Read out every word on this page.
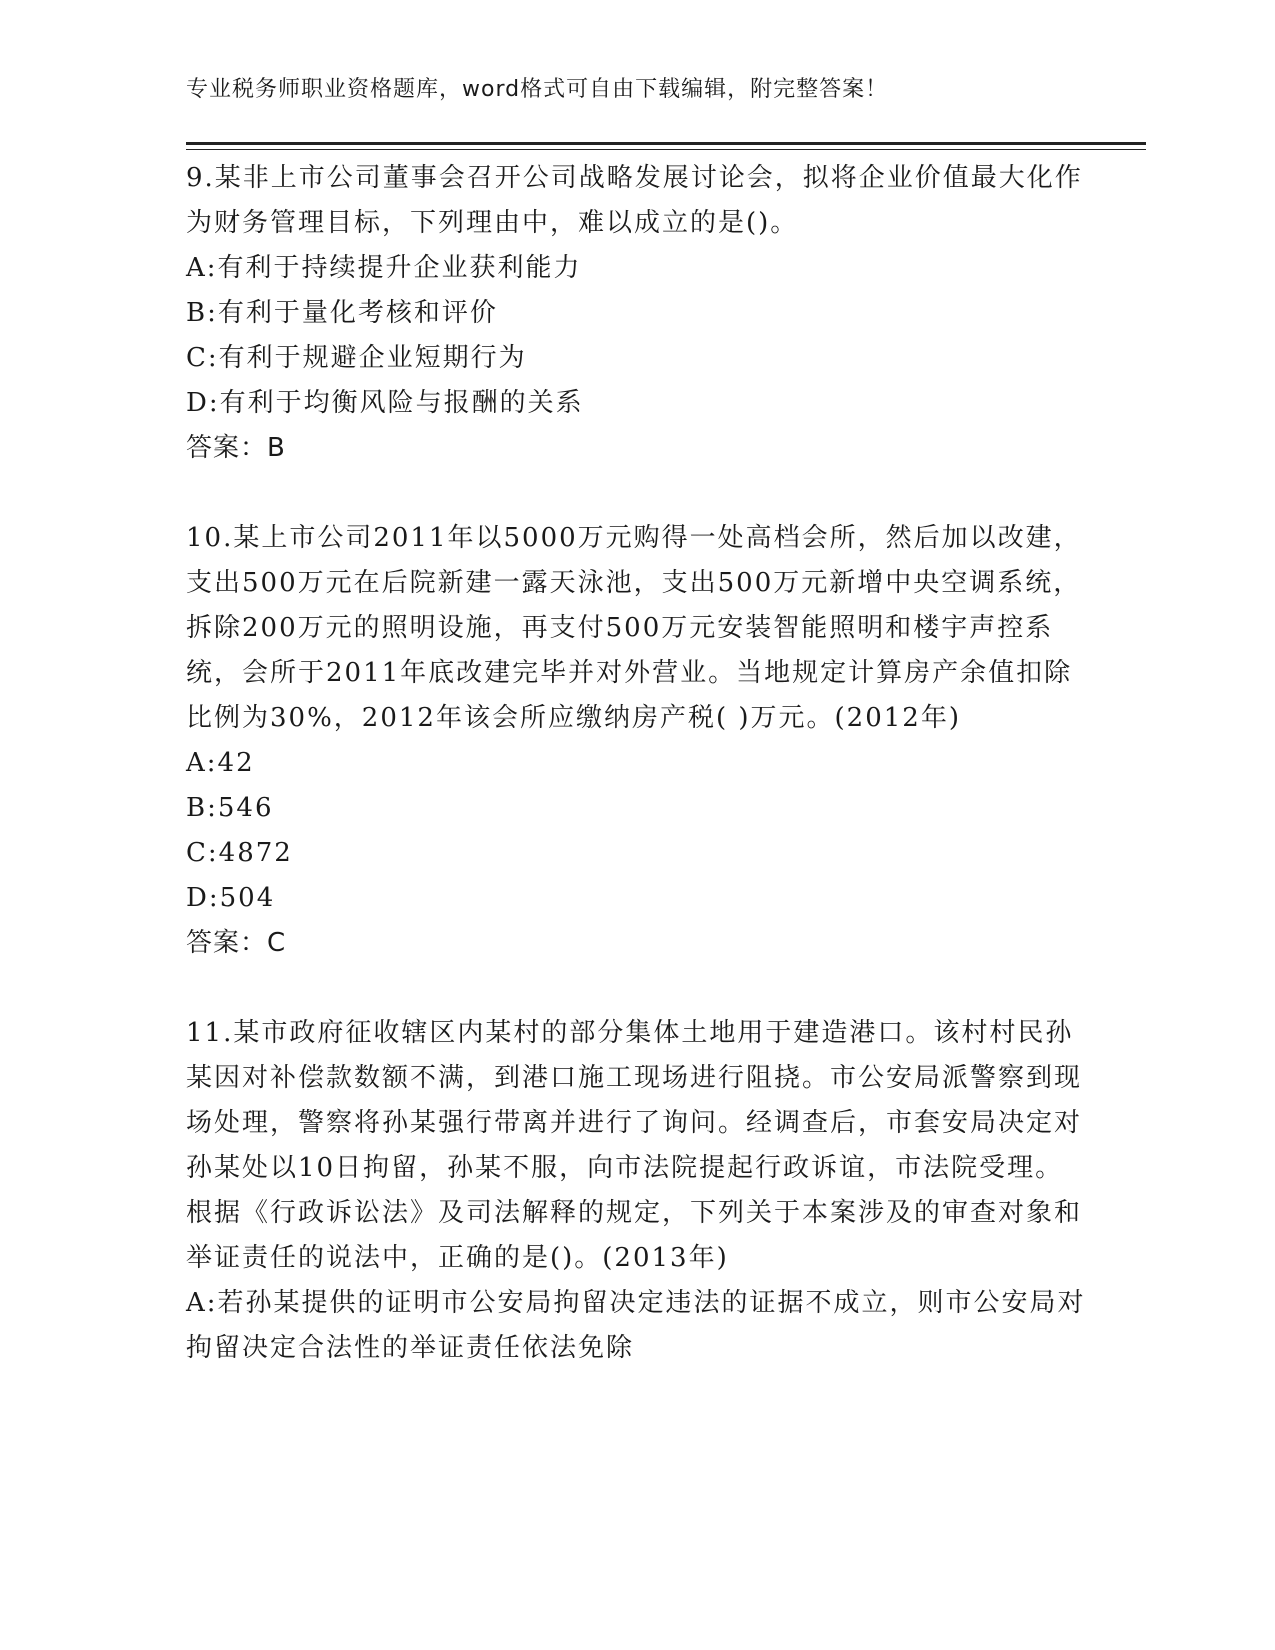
专业税务师职业资格题库，word格式可自由下载编辑，附完整答案！

9.某非上市公司董事会召开公司战略发展讨论会，拟将企业价值最大化作为财务管理目标，下列理由中，难以成立的是()。

A:有利于持续提升企业获利能力

B:有利于量化考核和评价

C:有利于规避企业短期行为

D:有利于均衡风险与报酬的关系

答案：B

10.某上市公司2011年以5000万元购得一处高档会所，然后加以改建，支出500万元在后院新建一露天泳池，支出500万元新增中央空调系统，拆除200万元的照明设施，再支付500万元安装智能照明和楼宇声控系统，会所于2011年底改建完毕并对外营业。当地规定计算房产余值扣除比例为30%，2012年该会所应缴纳房产税( )万元。(2012年)

A:42

B:546

C:4872

D:504

答案：C

11.某市政府征收辖区内某村的部分集体土地用于建造港口。该村村民孙某因对补偿款数额不满，到港口施工现场进行阻挠。市公安局派警察到现场处理，警察将孙某强行带离并进行了询问。经调查后，市套安局决定对孙某处以10日拘留，孙某不服，向市法院提起行政诉谊，市法院受理。根据《行政诉讼法》及司法解释的规定，下列关于本案涉及的审查对象和举证责任的说法中，正确的是()。(2013年)

A:若孙某提供的证明市公安局拘留决定违法的证据不成立，则市公安局对拘留决定合法性的举证责任依法免除
